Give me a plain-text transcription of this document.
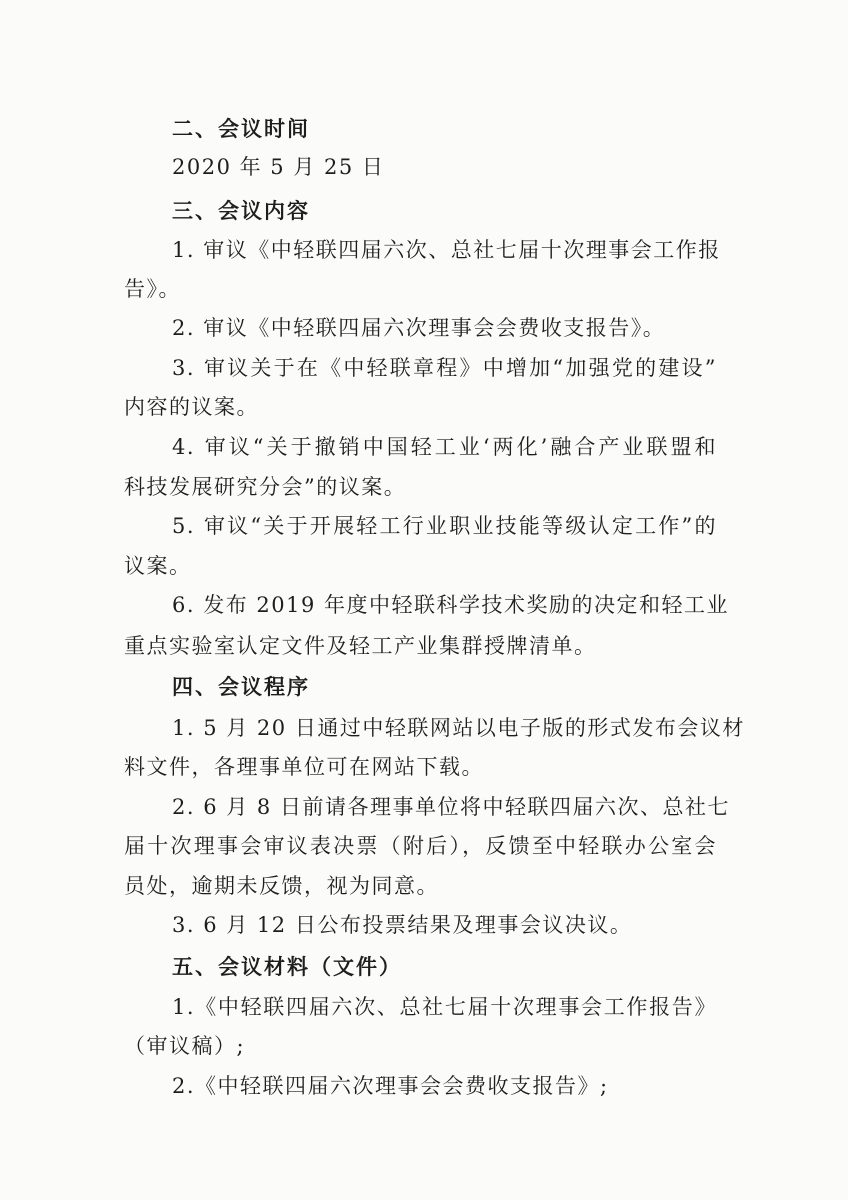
二、会议时间
2020 年 5 月 25 日
三、会议内容
1. 审议《中轻联四届六次、总社七届十次理事会工作报
告》。
2. 审议《中轻联四届六次理事会会费收支报告》。
3. 审议关于在《中轻联章程》中增加“加强党的建设”
内容的议案。
4. 审议“关于撤销中国轻工业‘两化’融合产业联盟和
科技发展研究分会”的议案。
5. 审议“关于开展轻工行业职业技能等级认定工作”的
议案。
6. 发布 2019 年度中轻联科学技术奖励的决定和轻工业
重点实验室认定文件及轻工产业集群授牌清单。
四、会议程序
1. 5 月 20 日通过中轻联网站以电子版的形式发布会议材
料文件，各理事单位可在网站下载。
2. 6 月 8 日前请各理事单位将中轻联四届六次、总社七
届十次理事会审议表决票（附后），反馈至中轻联办公室会
员处，逾期未反馈，视为同意。
3. 6 月 12 日公布投票结果及理事会议决议。
五、会议材料（文件）
1.《中轻联四届六次、总社七届十次理事会工作报告》
（审议稿）;
2.《中轻联四届六次理事会会费收支报告》;
